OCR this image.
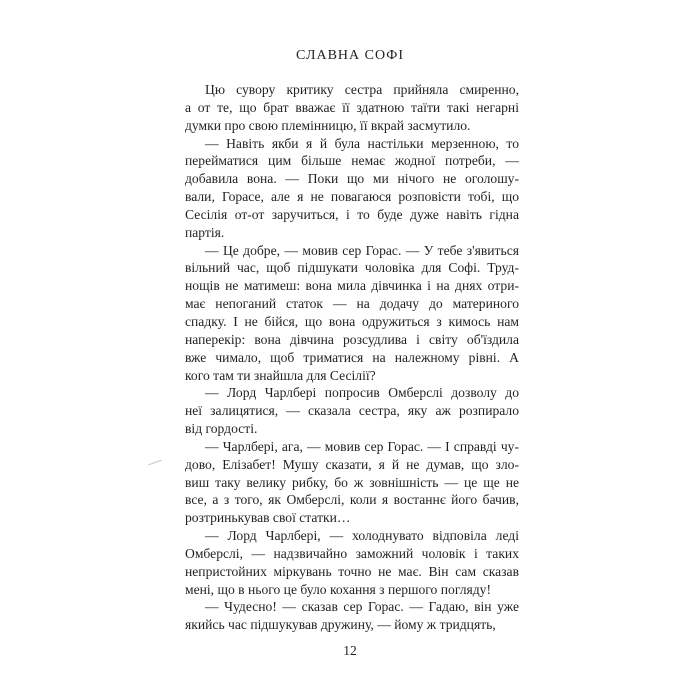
СЛАВНА СОФІ
Цю сувору критику сестра прийняла смиренно,
а от те, що брат вважає її здатною таїти такі негарні
думки про свою племінницю, її вкрай засмутило.
— Навіть якби я й була настільки мерзенною, то
перейматися цим більше немає жодної потреби, —
добавила вона. — Поки що ми нічого не оголошу-
вали, Горасе, але я не повагаюся розповісти тобі, що
Сесілія от-от заручиться, і то буде дуже навіть гідна
партія.
— Це добре, — мовив сер Горас. — У тебе з'явиться
вільний час, щоб підшукати чоловіка для Софі. Труд-
нощів не матимеш: вона мила дівчинка і на днях отри-
має непоганий статок — на додачу до материного
спадку. І не бійся, що вона одружиться з кимось нам
наперекір: вона дівчина розсудлива і світу об'їздила
вже чимало, щоб триматися на належному рівні. А
кого там ти знайшла для Сесілії?
— Лорд Чарлбері попросив Омберслі дозволу до
неї залицятися, — сказала сестра, яку аж розпирало
від гордості.
— Чарлбері, ага, — мовив сер Горас. — І справді чу-
дово, Елізабет! Мушу сказати, я й не думав, що зло-
виш таку велику рибку, бо ж зовнішність — це ще не
все, а з того, як Омберслі, коли я востаннє його бачив,
розтринькував свої статки…
— Лорд Чарлбері, — холоднувато відповіла леді
Омберслі, — надзвичайно заможний чоловік і таких
непристойних міркувань точно не має. Він сам сказав
мені, що в нього це було кохання з першого погляду!
— Чудесно! — сказав сер Горас. — Гадаю, він уже
якийсь час підшукував дружину, — йому ж тридцять,
12
